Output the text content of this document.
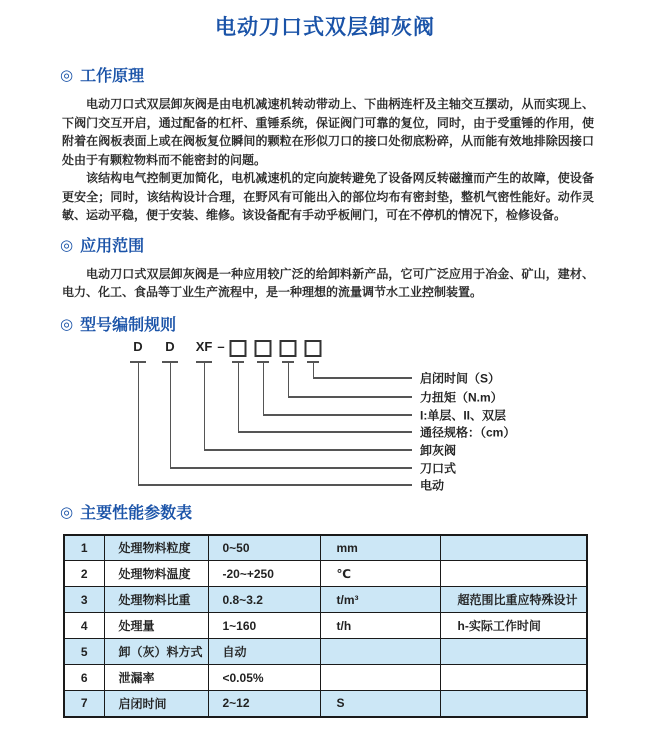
电动刀口式双层卸灰阀
◎ 工作原理

电动刀口式双层卸灰阀是由电机减速机转动带动上、下曲柄连杆及主轴交互摆动，从而实现上、下阀门交互开启，通过配备的杠杆、重锤系统，保证阀门可靠的复位，同时，由于受重锤的作用，使附着在阀板表面上或在阀板复位瞬间的颗粒在形似刀口的接口处彻底粉碎，从而能有效地排除因接口处由于有颗粒物料而不能密封的问题。

该结构电气控制更加简化，电机减速机的定向旋转避免了设备网反转磁撞而产生的故障，使设备更安全；同时，该结构设计合理，在野风有可能出入的部位均布有密封垫，整机气密性能好。动作灵敏、运动平稳，便于安装、维修。该设备配有手动乎板闸门，可在不停机的情况下，检修设备。

◎ 应用范围

电动刀口式双层卸灰阀是一种应用较广泛的给卸料新产品，它可广泛应用于冶金、矿山，建材、电力、化工、食品等丁业生产流程中，是一种理想的流量调节水工业控制装置。

◎ 型号编制规则
D
电动
D
刀口式
XF
卸灰阀
–
通径规格：（cm）
I:单层、II、双层
力扭矩（N.m）
启闭时间（S）
◎ 主要性能参数表
1	处理物料粒度	0~50	mm	
2	处理物料温度	-20~+250	℃	
3	处理物料比重	0.8~3.2	t/m³	超范围比重应特殊设计
4	处理量	1~160	t/h	h-实际工作时间
5	卸（灰）料方式	自动		
6	泄漏率	<0.05%		
7	启闭时间	2~12	S	
